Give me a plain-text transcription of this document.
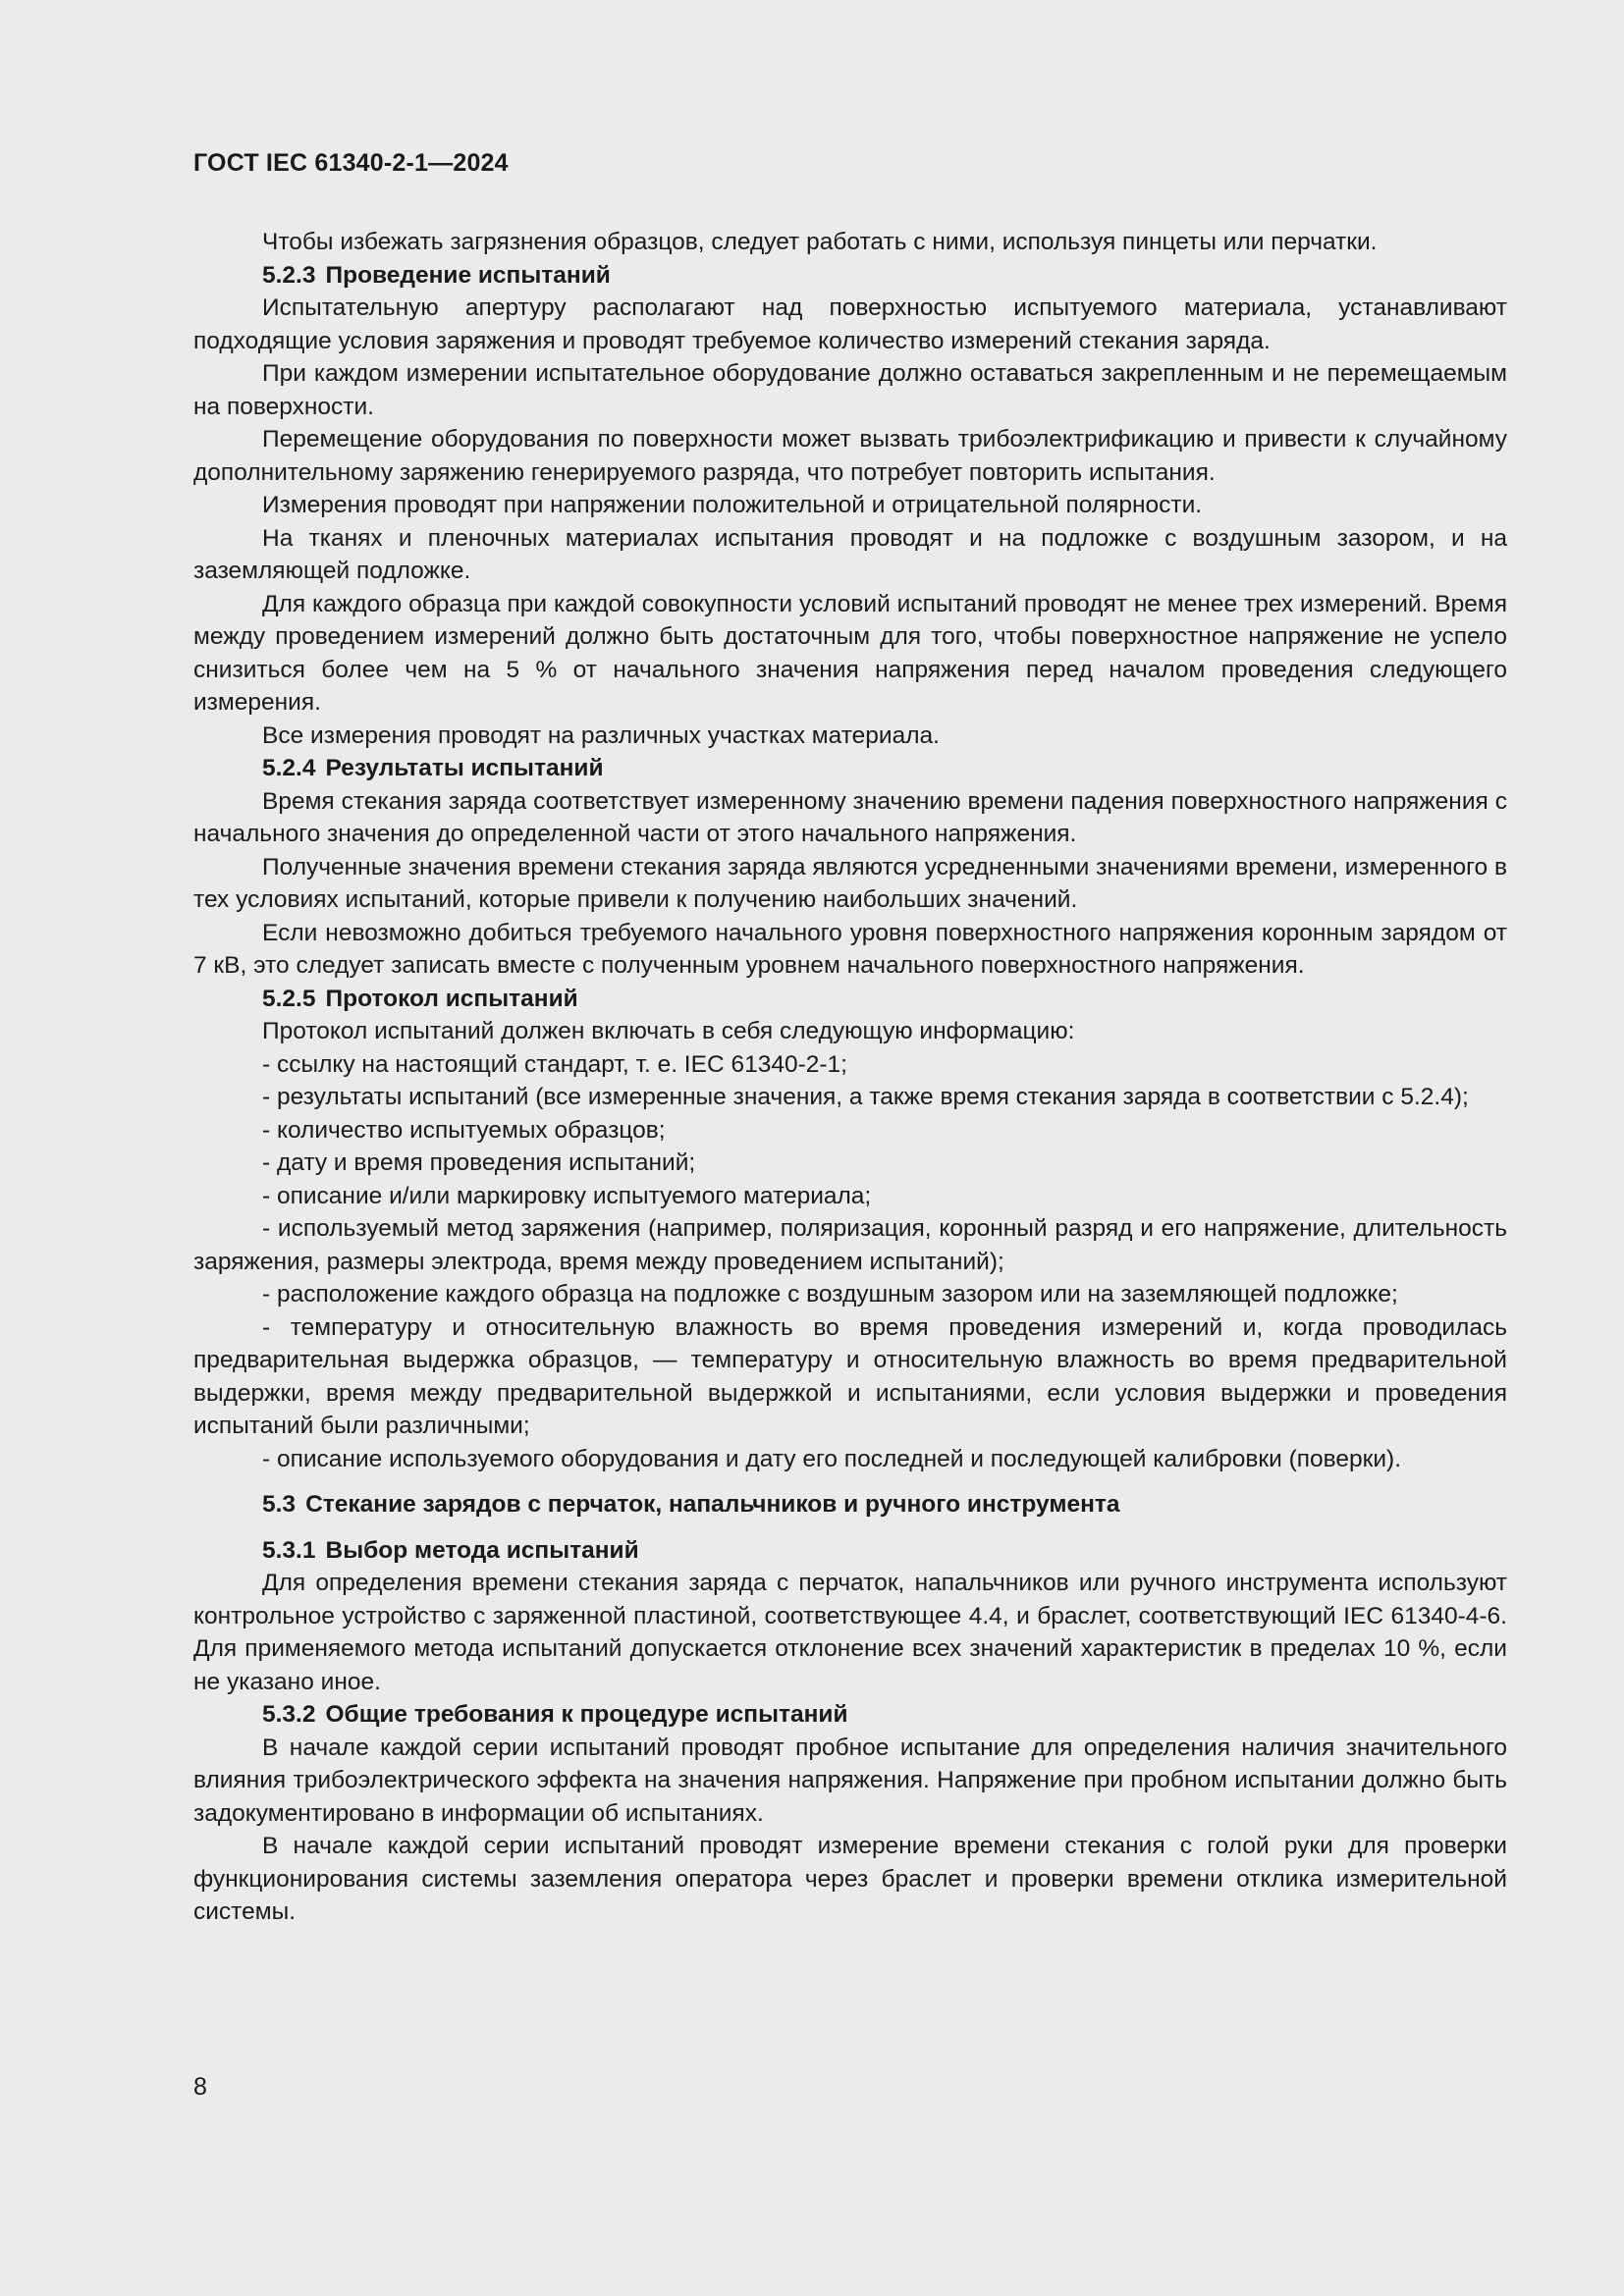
ГОСТ IEC 61340-2-1—2024

Чтобы избежать загрязнения образцов, следует работать с ними, используя пинцеты или перчатки.

5.2.3 Проведение испытаний

Испытательную апертуру располагают над поверхностью испытуемого материала, устанавливают подходящие условия заряжения и проводят требуемое количество измерений стекания заряда.

При каждом измерении испытательное оборудование должно оставаться закрепленным и не перемещаемым на поверхности.

Перемещение оборудования по поверхности может вызвать трибоэлектрификацию и привести к случайному дополнительному заряжению генерируемого разряда, что потребует повторить испытания.

Измерения проводят при напряжении положительной и отрицательной полярности.

На тканях и пленочных материалах испытания проводят и на подложке с воздушным зазором, и на заземляющей подложке.

Для каждого образца при каждой совокупности условий испытаний проводят не менее трех измерений. Время между проведением измерений должно быть достаточным для того, чтобы поверхностное напряжение не успело снизиться более чем на 5 % от начального значения напряжения перед началом проведения следующего измерения.

Все измерения проводят на различных участках материала.

5.2.4 Результаты испытаний

Время стекания заряда соответствует измеренному значению времени падения поверхностного напряжения с начального значения до определенной части от этого начального напряжения.

Полученные значения времени стекания заряда являются усредненными значениями времени, измеренного в тех условиях испытаний, которые привели к получению наибольших значений.

Если невозможно добиться требуемого начального уровня поверхностного напряжения коронным зарядом от 7 кВ, это следует записать вместе с полученным уровнем начального поверхностного напряжения.

5.2.5 Протокол испытаний

Протокол испытаний должен включать в себя следующую информацию:

- ссылку на настоящий стандарт, т. е. IEC 61340-2-1;

- результаты испытаний (все измеренные значения, а также время стекания заряда в соответствии с 5.2.4);

- количество испытуемых образцов;

- дату и время проведения испытаний;

- описание и/или маркировку испытуемого материала;

- используемый метод заряжения (например, поляризация, коронный разряд и его напряжение, длительность заряжения, размеры электрода, время между проведением испытаний);

- расположение каждого образца на подложке с воздушным зазором или на заземляющей подложке;

- температуру и относительную влажность во время проведения измерений и, когда проводилась предварительная выдержка образцов, — температуру и относительную влажность во время предварительной выдержки, время между предварительной выдержкой и испытаниями, если условия выдержки и проведения испытаний были различными;

- описание используемого оборудования и дату его последней и последующей калибровки (поверки).

5.3 Стекание зарядов с перчаток, напальчников и ручного инструмента

5.3.1 Выбор метода испытаний

Для определения времени стекания заряда с перчаток, напальчников или ручного инструмента используют контрольное устройство с заряженной пластиной, соответствующее 4.4, и браслет, соответствующий IEC 61340-4-6. Для применяемого метода испытаний допускается отклонение всех значений характеристик в пределах 10 %, если не указано иное.

5.3.2 Общие требования к процедуре испытаний

В начале каждой серии испытаний проводят пробное испытание для определения наличия значительного влияния трибоэлектрического эффекта на значения напряжения. Напряжение при пробном испытании должно быть задокументировано в информации об испытаниях.

В начале каждой серии испытаний проводят измерение времени стекания с голой руки для проверки функционирования системы заземления оператора через браслет и проверки времени отклика измерительной системы.

8
